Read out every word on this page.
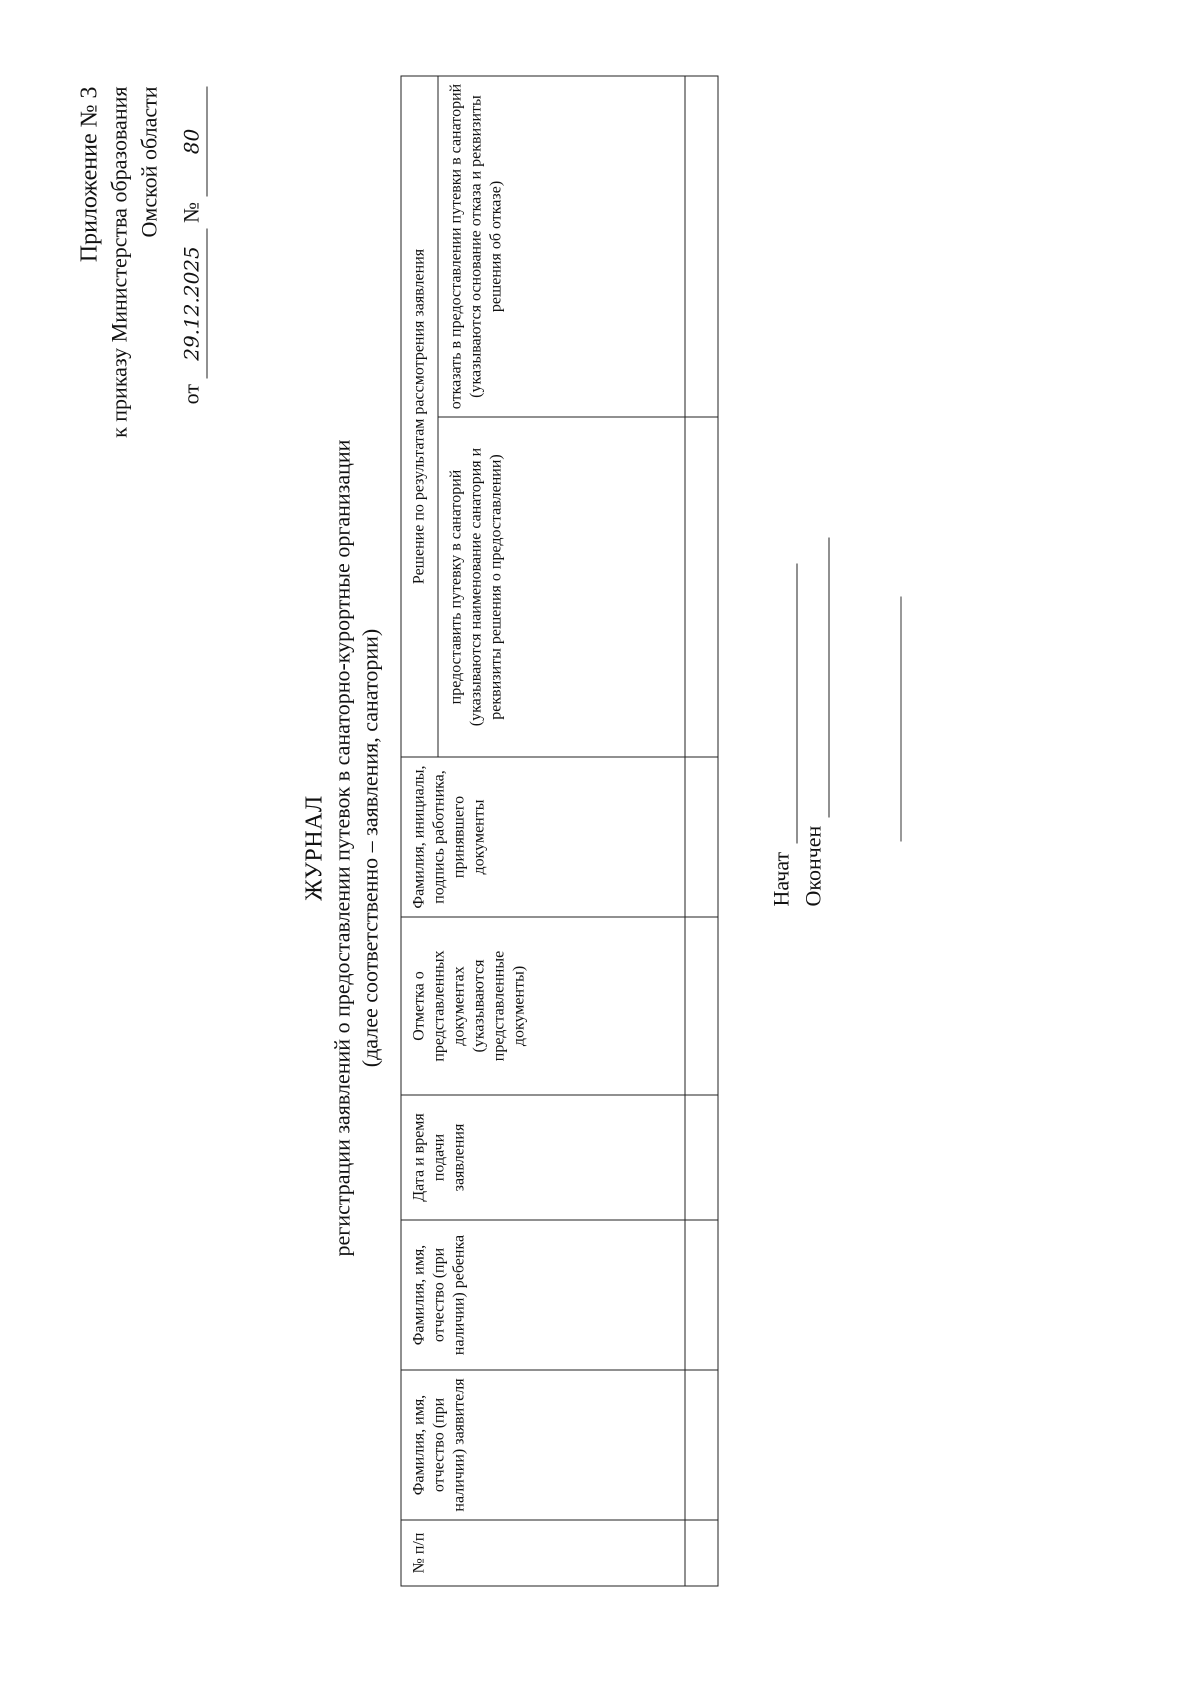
Приложение № 3 к приказу Министерства образования Омской области
от 29.12.2025 № 80
ЖУРНАЛ регистрации заявлений о предоставлении путевок в санаторно-курортные организации (далее соответственно – заявления, санатории)
№ п/п	Фамилия, имя, отчество (при наличии) заявителя	Фамилия, имя, отчество (при наличии) ребенка	Дата и время подачи заявления	Отметка о представленных документах (указываются представленные документы)	Фамилия, инициалы, подпись работника, принявшего документы	Решение по результатам рассмотрения заявления	
						предоставить путевку в санаторий (указываются наименование санатория и реквизиты решения о предоставлении)	отказать в предоставлении путевки в санаторий (указываются основание отказа и реквизиты решения об отказе)

Начат Окончен
